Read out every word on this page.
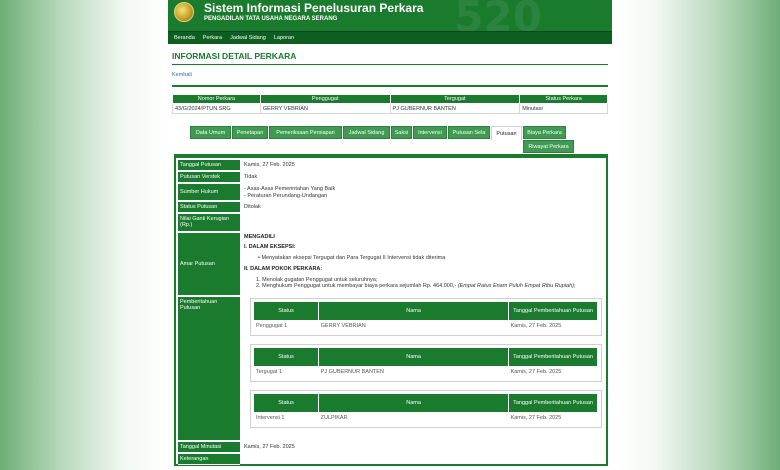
520
Sistem Informasi Penelusuran Perkara
PENGADILAN TATA USAHA NEGARA SERANG
Beranda	Perkara	Jadwal Sidang	Laporan
INFORMASI DETAIL PERKARA
Kembali
Nomor Perkara	Penggugat	Tergugat	Status Perkara
43/G/2024/PTUN.SRG	GERRY VEBRIAN	PJ GUBERNUR BANTEN	Minutasi
Data Umum	Penetapan	Pemeriksaan Persiapan	Jadwal Sidang	Saksi	Intervensi	Putusan Sela	Putusan	Biaya Perkara
Riwayat Perkara
Tanggal Putusan	Kamis, 27 Feb. 2025
Putusan Verstek	Tidak
Sumber Hukum	- Asas-Asas Pemerintahan Yang Baik
- Peraturan Perundang-Undangan
Status Putusan	Ditolak
Nilai Ganti Kerugian (Rp.)
Amar Putusan
MENGADILI
I. DALAM EKSEPSI:
• Menyatakan eksepsi Tergugat dan Para Tergugat II Intervensi tidak diterima
II. DALAM POKOK PERKARA:
1. Menolak gugatan Penggugat untuk seluruhnya;
2. Menghukum Penggugat untuk membayar biaya perkara sejumlah Rp. 464.000,- (Empat Ratus Enam Puluh Empat Ribu Rupiah);
Pemberitahuan Putusan	Status	Nama	Tanggal Pemberitahuan Putusan
Penggugat 1	GERRY VEBRIAN	Kamis, 27 Feb. 2025
Status	Nama	Tanggal Pemberitahuan Putusan
Tergugat 1	PJ GUBERNUR BANTEN	Kamis, 27 Feb. 2025
Status	Nama	Tanggal Pemberitahuan Putusan
Intervensi 1	ZULPIKAR	Kamis, 27 Feb. 2025
Tanggal Minutasi	Kamis, 27 Feb. 2025
Keterangan
